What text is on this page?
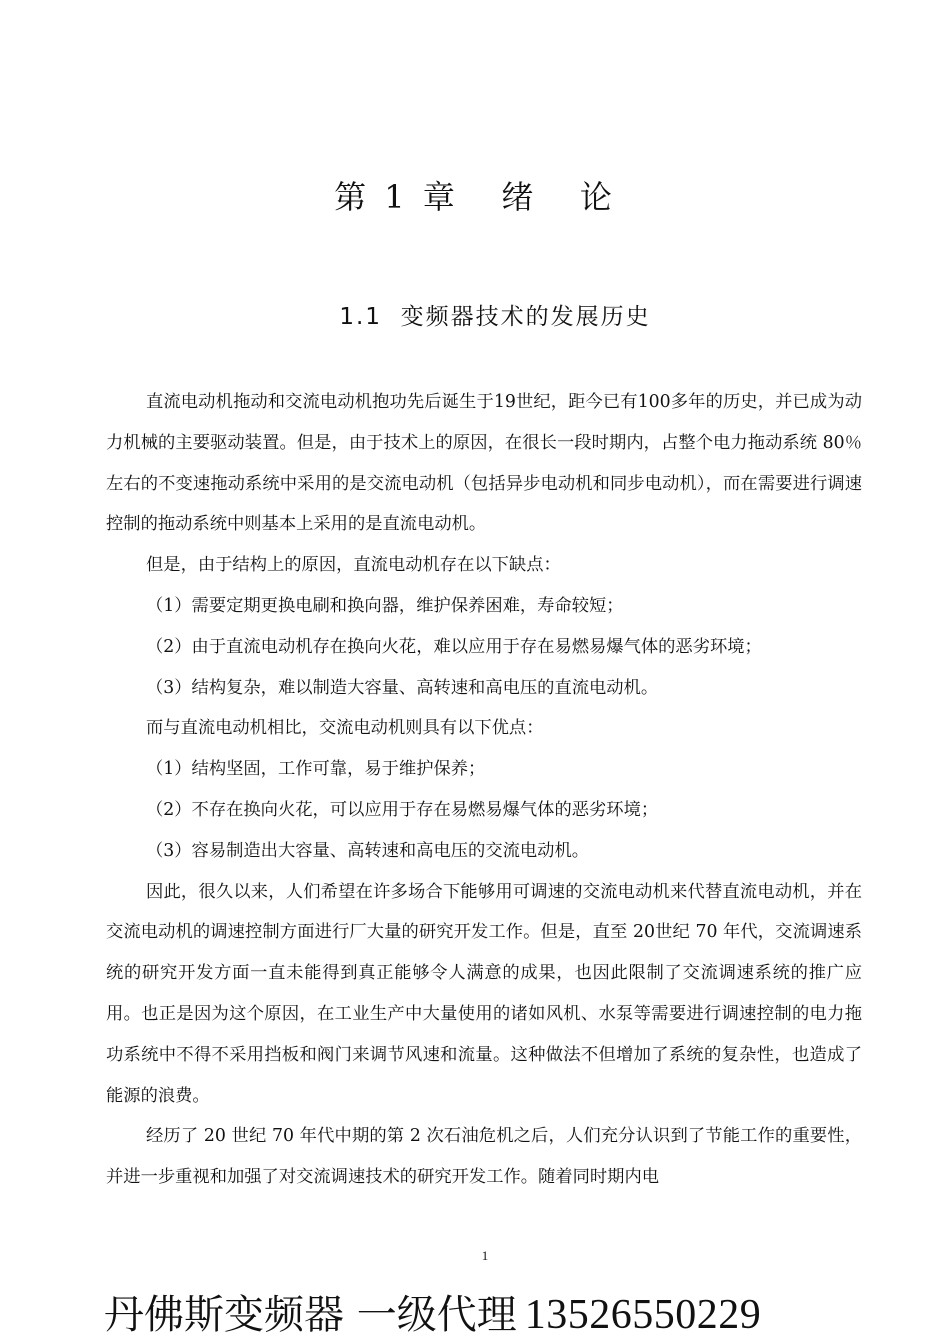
第 1 章   绪   论
1.1  变频器技术的发展历史

直流电动机拖动和交流电动机抱功先后诞生于19世纪，距今已有100多年的历史，并已成为动力机械的主要驱动装置。但是，由于技术上的原因，在很长一段时期内，占整个电力拖动系统 80％左右的不变速拖动系统中采用的是交流电动机（包括异步电动机和同步电动机），而在需要进行调速控制的拖动系统中则基本上采用的是直流电动机。

但是，由于结构上的原因，直流电动机存在以下缺点：

（1）需要定期更换电刷和换向器，维护保养困难，寿命较短；

（2）由于直流电动机存在换向火花，难以应用于存在易燃易爆气体的恶劣环境；

（3）结构复杂，难以制造大容量、高转速和高电压的直流电动机。

而与直流电动机相比，交流电动机则具有以下优点：

（1）结构坚固，工作可靠，易于维护保养；

（2）不存在换向火花，可以应用于存在易燃易爆气体的恶劣环境；

（3）容易制造出大容量、高转速和高电压的交流电动机。

因此，很久以来，人们希望在许多场合下能够用可调速的交流电动机来代替直流电动机，并在交流电动机的调速控制方面进行厂大量的研究开发工作。但是，直至 20世纪 70 年代，交流调速系统的研究开发方面一直未能得到真正能够令人满意的成果，也因此限制了交流调速系统的推广应用。也正是因为这个原因，在工业生产中大量使用的诸如风机、水泵等需要进行调速控制的电力拖功系统中不得不采用挡板和阀门来调节风速和流量。这种做法不但增加了系统的复杂性，也造成了能源的浪费。

经历了 20 世纪 70 年代中期的第 2 次石油危机之后，人们充分认识到了节能工作的重要性，并进一步重视和加强了对交流调速技术的研究开发工作。随着同时期内电

1
丹佛斯变频器 一级代理 13526550229
